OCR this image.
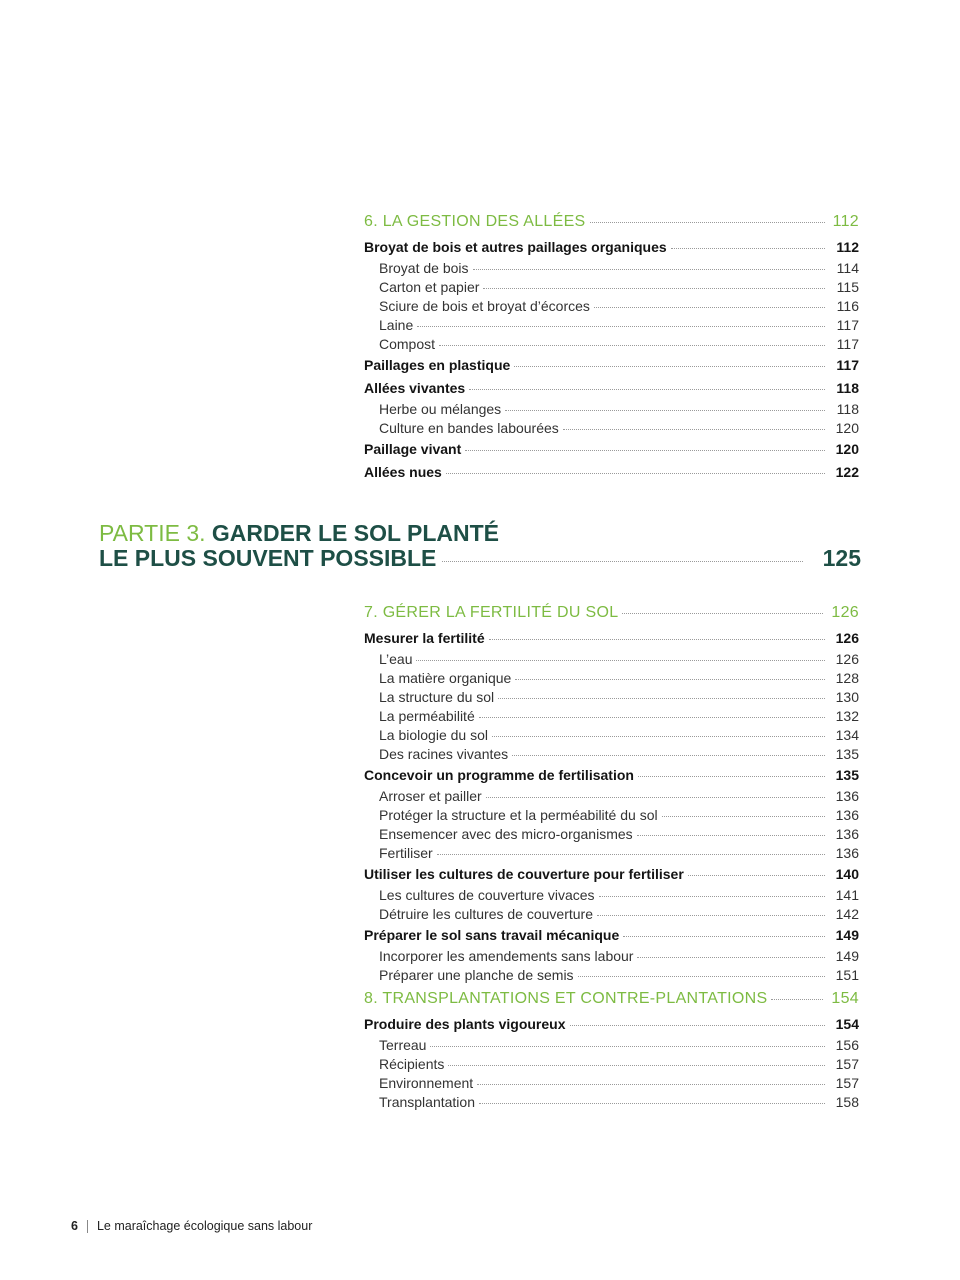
6. LA GESTION DES ALLÉES	112
Broyat de bois et autres paillages organiques	112
Broyat de bois	114
Carton et papier	115
Sciure de bois et broyat d’écorces	116
Laine	117
Compost	117
Paillages en plastique	117
Allées vivantes	118
Herbe ou mélanges	118
Culture en bandes labourées	120
Paillage vivant	120
Allées nues	122
PARTIE 3. GARDER LE SOL PLANTÉ
LE PLUS SOUVENT POSSIBLE	125
7. GÉRER LA FERTILITÉ DU SOL	126
Mesurer la fertilité	126
L’eau	126
La matière organique	128
La structure du sol	130
La perméabilité	132
La biologie du sol	134
Des racines vivantes	135
Concevoir un programme de fertilisation	135
Arroser et pailler	136
Protéger la structure et la perméabilité du sol	136
Ensemencer avec des micro-organismes	136
Fertiliser	136
Utiliser les cultures de couverture pour fertiliser	140
Les cultures de couverture vivaces	141
Détruire les cultures de couverture	142
Préparer le sol sans travail mécanique	149
Incorporer les amendements sans labour	149
Préparer une planche de semis	151
8. TRANSPLANTATIONS ET CONTRE-PLANTATIONS	154
Produire des plants vigoureux	154
Terreau	156
Récipients	157
Environnement	157
Transplantation	158
6 Le maraîchage écologique sans labour
